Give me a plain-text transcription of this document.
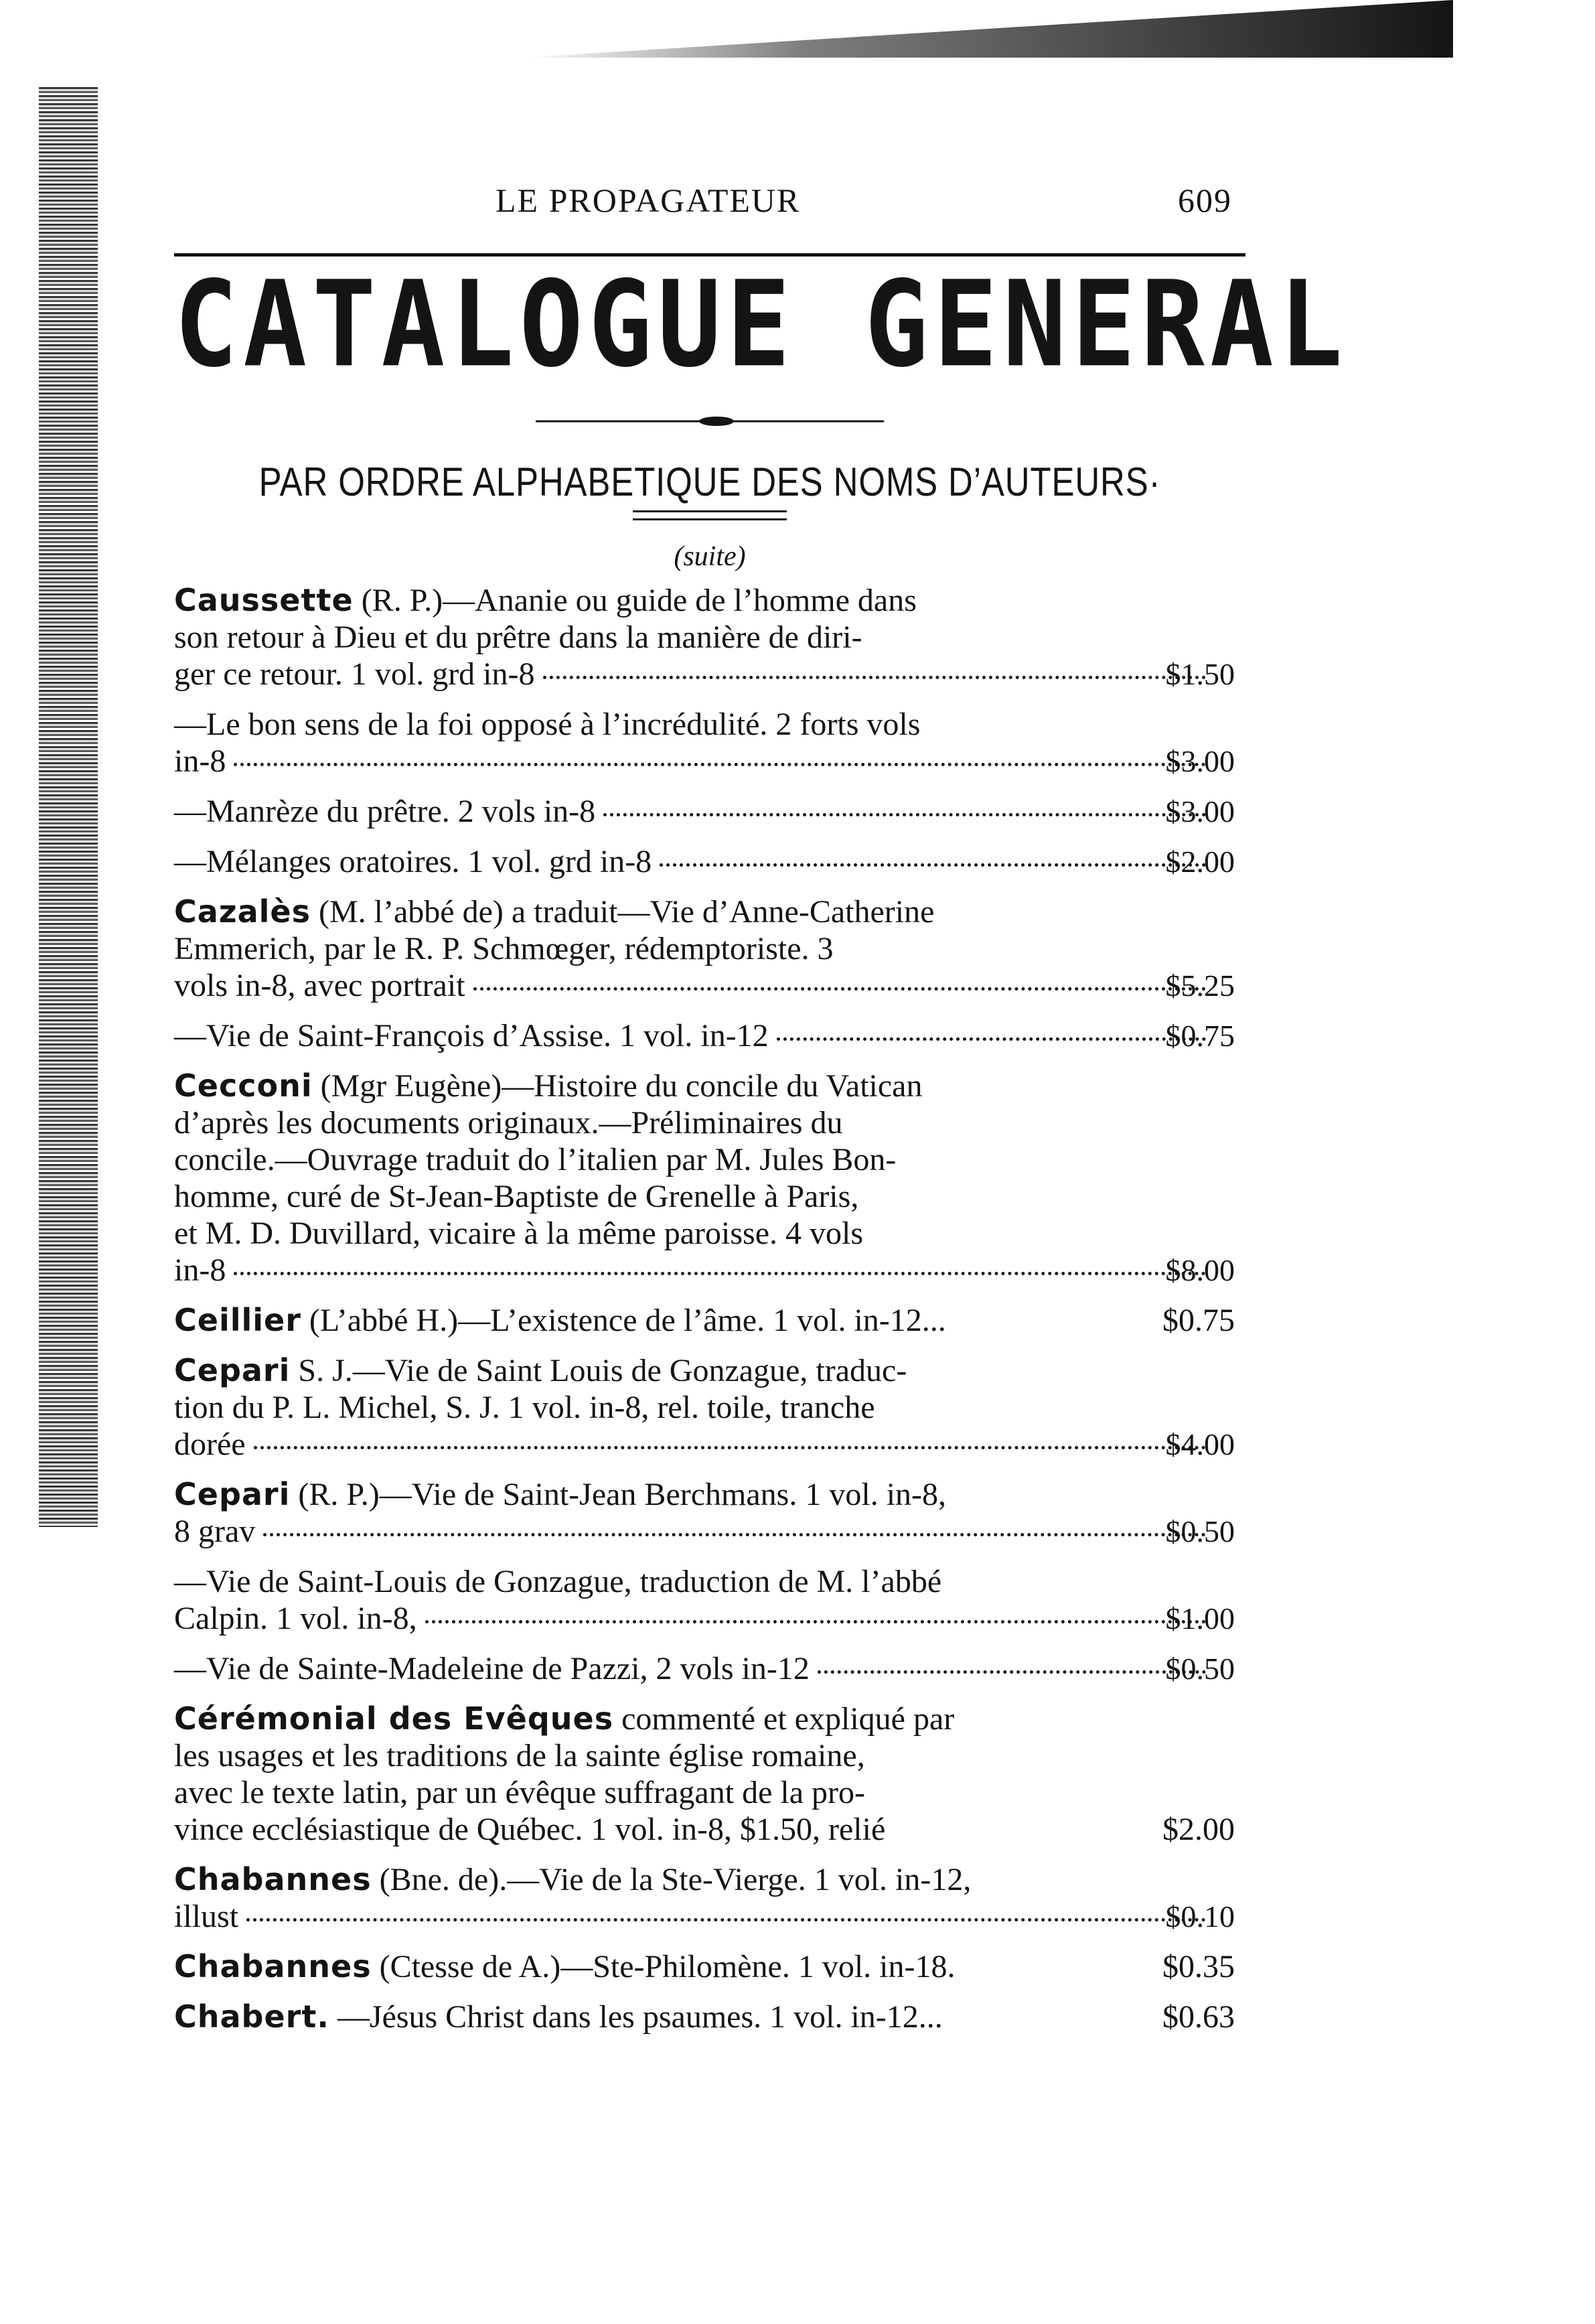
LE PROPAGATEUR	609
CATALOGUE GENERAL
PAR ORDRE ALPHABETIQUE DES NOMS D’AUTEURS·
(suite)
Caussette (R. P.)—Ananie ou guide de l’homme dans
son retour à Dieu et du prêtre dans la manière de diri-
ger ce retour. 1 vol. grd in-8	$1.50
—Le bon sens de la foi opposé à l’incrédulité. 2 forts vols
in-8	$3.00
—Manrèze du prêtre. 2 vols in-8	$3.00
—Mélanges oratoires. 1 vol. grd in-8	$2.00
Cazalès (M. l’abbé de) a traduit—Vie d’Anne-Catherine
Emmerich, par le R. P. Schmœger, rédemptoriste. 3
vols in-8, avec portrait	$5.25
—Vie de Saint-François d’Assise. 1 vol. in-12	$0.75
Cecconi (Mgr Eugène)—Histoire du concile du Vatican
d’après les documents originaux.—Préliminaires du
concile.—Ouvrage traduit do l’italien par M. Jules Bon-
homme, curé de St-Jean-Baptiste de Grenelle à Paris,
et M. D. Duvillard, vicaire à la même paroisse. 4 vols
in-8	$8.00
Ceillier (L’abbé H.)—L’existence de l’âme. 1 vol. in-12...	$0.75
Cepari S. J.—Vie de Saint Louis de Gonzague, traduc-
tion du P. L. Michel, S. J. 1 vol. in-8, rel. toile, tranche
dorée	$4.00
Cepari (R. P.)—Vie de Saint-Jean Berchmans. 1 vol. in-8,
8 grav	$0.50
—Vie de Saint-Louis de Gonzague, traduction de M. l’abbé
Calpin. 1 vol. in-8,	$1.00
—Vie de Sainte-Madeleine de Pazzi, 2 vols in-12	$0.50
Cérémonial des Evêques commenté et expliqué par
les usages et les traditions de la sainte église romaine,
avec le texte latin, par un évêque suffragant de la pro-
vince ecclésiastique de Québec. 1 vol. in-8, $1.50, relié	$2.00
Chabannes (Bne. de).—Vie de la Ste-Vierge. 1 vol. in-12,
illust	$0.10
Chabannes (Ctesse de A.)—Ste-Philomène. 1 vol. in-18.	$0.35
Chabert. —Jésus Christ dans les psaumes. 1 vol. in-12...	$0.63
